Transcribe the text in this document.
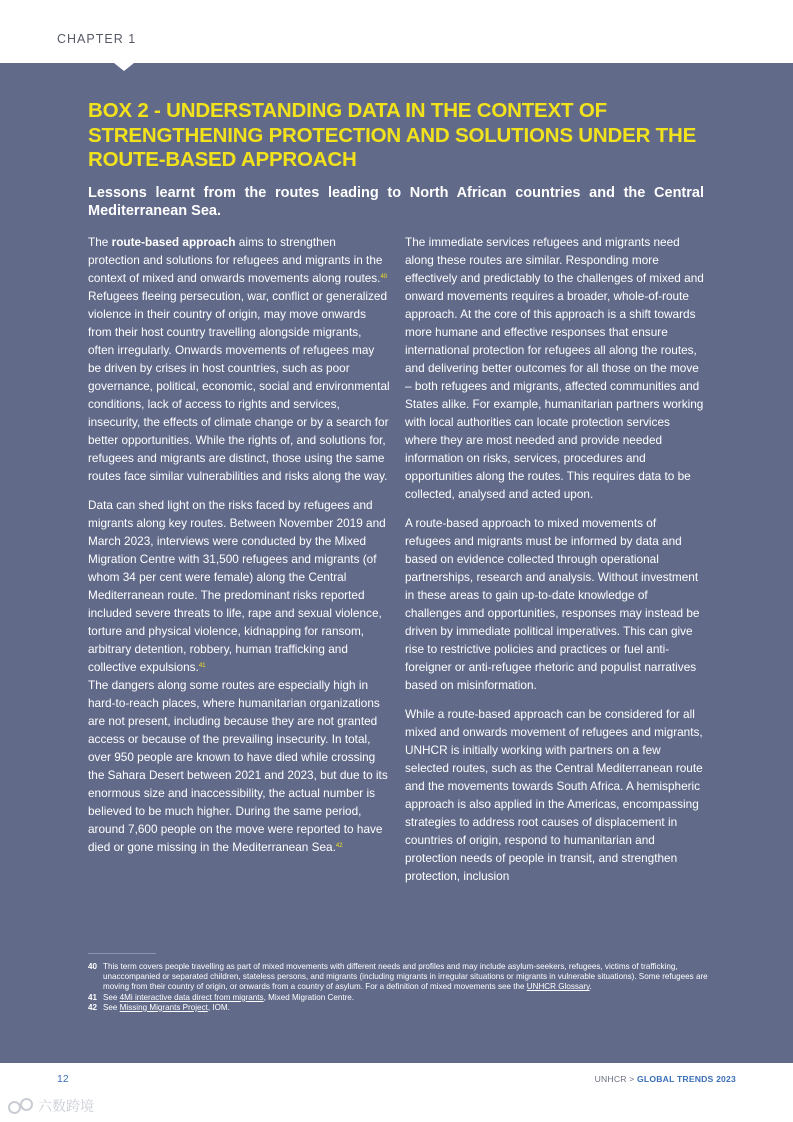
CHAPTER 1
BOX 2 - UNDERSTANDING DATA IN THE CONTEXT OF STRENGTHENING PROTECTION AND SOLUTIONS UNDER THE ROUTE-BASED APPROACH
Lessons learnt from the routes leading to North African countries and the Central Mediterranean Sea.

The route-based approach aims to strengthen protection and solutions for refugees and migrants in the context of mixed and onwards movements along routes.$^{40}$ Refugees fleeing persecution, war, conflict or generalized violence in their country of origin, may move onwards from their host country travelling alongside migrants, often irregularly. Onwards movements of refugees may be driven by crises in host countries, such as poor governance, political, economic, social and environmental conditions, lack of access to rights and services, insecurity, the effects of climate change or by a search for better opportunities. While the rights of, and solutions for, refugees and migrants are distinct, those using the same routes face similar vulnerabilities and risks along the way.

Data can shed light on the risks faced by refugees and migrants along key routes. Between November 2019 and March 2023, interviews were conducted by the Mixed Migration Centre with 31,500 refugees and migrants (of whom 34 per cent were female) along the Central Mediterranean route. The predominant risks reported included severe threats to life, rape and sexual violence, torture and physical violence, kidnapping for ransom, arbitrary detention, robbery, human trafficking and collective expulsions.$^{41}$

The dangers along some routes are especially high in hard-to-reach places, where humanitarian organizations are not present, including because they are not granted access or because of the prevailing insecurity. In total, over 950 people are known to have died while crossing the Sahara Desert between 2021 and 2023, but due to its enormous size and inaccessibility, the actual number is believed to be much higher. During the same period, around 7,600 people on the move were reported to have died or gone missing in the Mediterranean Sea.$^{42}$

The immediate services refugees and migrants need along these routes are similar. Responding more effectively and predictably to the challenges of mixed and onward movements requires a broader, whole-of-route approach. At the core of this approach is a shift towards more humane and effective responses that ensure international protection for refugees all along the routes, and delivering better outcomes for all those on the move – both refugees and migrants, affected communities and States alike. For example, humanitarian partners working with local authorities can locate protection services where they are most needed and provide needed information on risks, services, procedures and opportunities along the routes. This requires data to be collected, analysed and acted upon.

A route-based approach to mixed movements of refugees and migrants must be informed by data and based on evidence collected through operational partnerships, research and analysis. Without investment in these areas to gain up-to-date knowledge of challenges and opportunities, responses may instead be driven by immediate political imperatives. This can give rise to restrictive policies and practices or fuel anti-foreigner or anti-refugee rhetoric and populist narratives based on misinformation.

While a route-based approach can be considered for all mixed and onwards movement of refugees and migrants, UNHCR is initially working with partners on a few selected routes, such as the Central Mediterranean route and the movements towards South Africa. A hemispheric approach is also applied in the Americas, encompassing strategies to address root causes of displacement in countries of origin, respond to humanitarian and protection needs of people in transit, and strengthen protection, inclusion

40 This term covers people travelling as part of mixed movements with different needs and profiles and may include asylum-seekers, refugees, victims of trafficking, unaccompanied or separated children, stateless persons, and migrants (including migrants in irregular situations or migrants in vulnerable situations). Some refugees are moving from their country of origin, or onwards from a country of asylum. For a definition of mixed movements see the UNHCR Glossary.
41 See 4Mi interactive data direct from migrants, Mixed Migration Centre.
42 See Missing Migrants Project, IOM.
12	UNHCR > GLOBAL TRENDS 2023
六数跨境
